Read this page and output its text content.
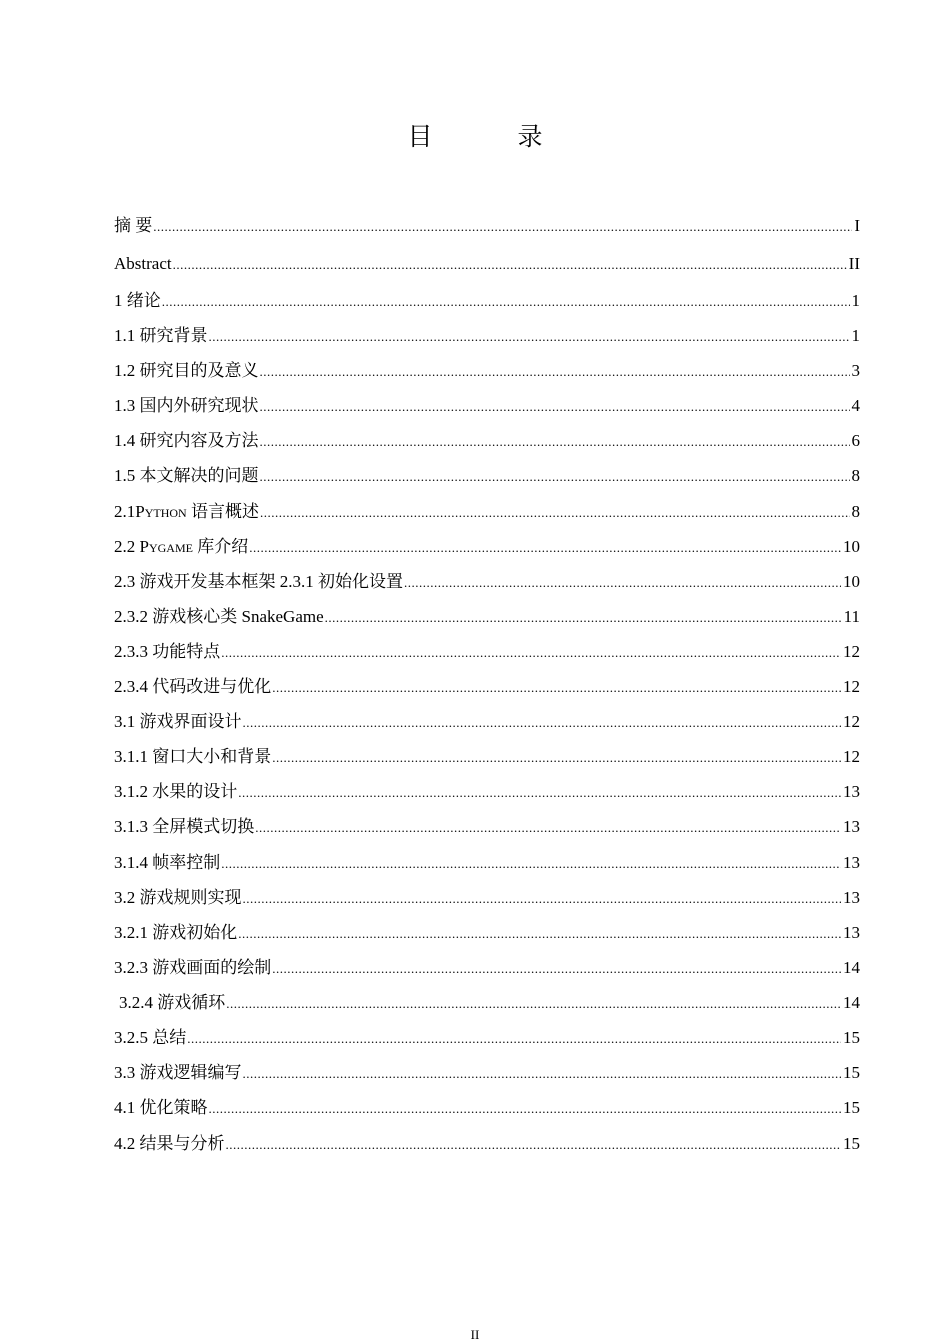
目　录
摘 要 .....	I
Abstract .....	II
1 绪论 .....	1
1.1 研究背景 .....	1
1.2 研究目的及意义 .....	3
1.3 国内外研究现状 .....	4
1.4 研究内容及方法 .....	6
1.5 本文解决的问题 .....	8
2.1Python 语言概述 .....	8
2.2 Pygame 库介绍 .....	10
2.3 游戏开发基本框架 2.3.1 初始化设置 .....	10
2.3.2 游戏核心类 SnakeGame .....	11
2.3.3 功能特点 .....	12
2.3.4 代码改进与优化 .....	12
3.1 游戏界面设计 .....	12
3.1.1 窗口大小和背景 .....	12
3.1.2 水果的设计 .....	13
3.1.3 全屏模式切换 .....	13
3.1.4 帧率控制 .....	13
3.2 游戏规则实现 .....	13
3.2.1 游戏初始化 .....	13
3.2.3 游戏画面的绘制 .....	14
3.2.4 游戏循环 .....	14
3.2.5 总结 .....	15
3.3 游戏逻辑编写 .....	15
4.1 优化策略 .....	15
4.2 结果与分析 .....	15
II
